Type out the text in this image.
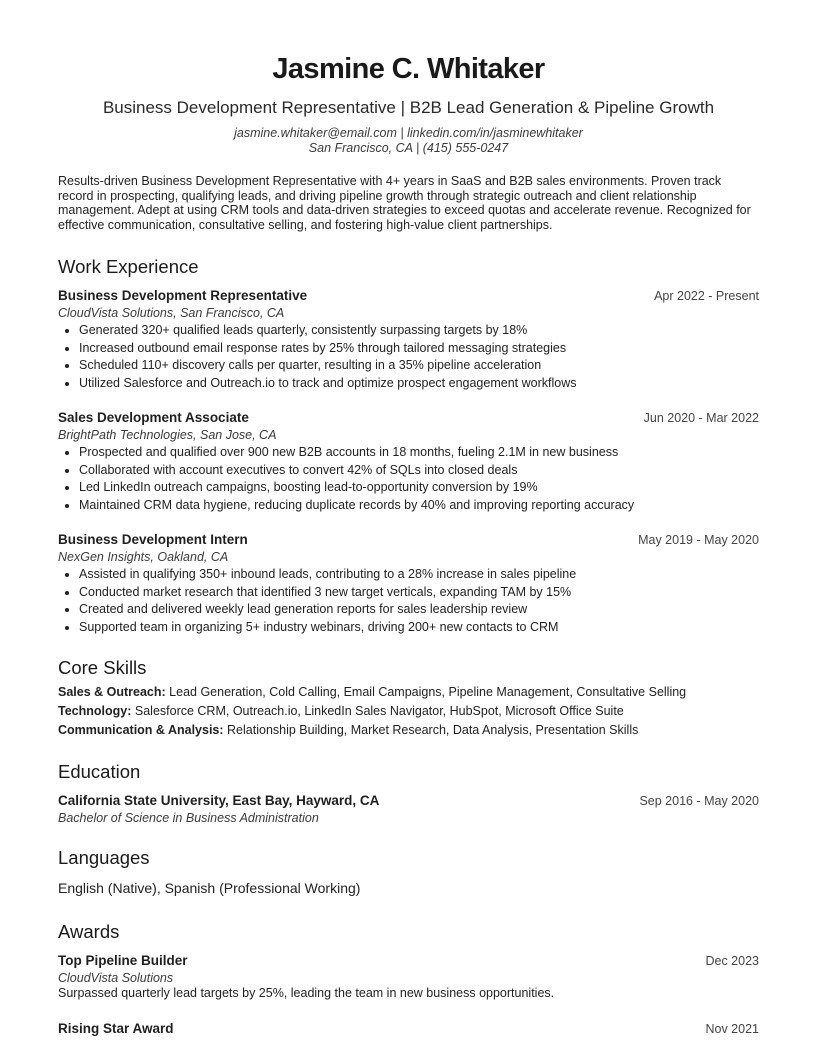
Jasmine C. Whitaker
Business Development Representative | B2B Lead Generation & Pipeline Growth
jasmine.whitaker@email.com | linkedin.com/in/jasminewhitaker
San Francisco, CA | (415) 555-0247
Results-driven Business Development Representative with 4+ years in SaaS and B2B sales environments. Proven track record in prospecting, qualifying leads, and driving pipeline growth through strategic outreach and client relationship management. Adept at using CRM tools and data-driven strategies to exceed quotas and accelerate revenue. Recognized for effective communication, consultative selling, and fostering high-value client partnerships.
Work Experience
Business Development Representative	Apr 2022 - Present
CloudVista Solutions, San Francisco, CA
• Generated 320+ qualified leads quarterly, consistently surpassing targets by 18%
• Increased outbound email response rates by 25% through tailored messaging strategies
• Scheduled 110+ discovery calls per quarter, resulting in a 35% pipeline acceleration
• Utilized Salesforce and Outreach.io to track and optimize prospect engagement workflows
Sales Development Associate	Jun 2020 - Mar 2022
BrightPath Technologies, San Jose, CA
• Prospected and qualified over 900 new B2B accounts in 18 months, fueling 2.1M in new business
• Collaborated with account executives to convert 42% of SQLs into closed deals
• Led LinkedIn outreach campaigns, boosting lead-to-opportunity conversion by 19%
• Maintained CRM data hygiene, reducing duplicate records by 40% and improving reporting accuracy
Business Development Intern	May 2019 - May 2020
NexGen Insights, Oakland, CA
• Assisted in qualifying 350+ inbound leads, contributing to a 28% increase in sales pipeline
• Conducted market research that identified 3 new target verticals, expanding TAM by 15%
• Created and delivered weekly lead generation reports for sales leadership review
• Supported team in organizing 5+ industry webinars, driving 200+ new contacts to CRM
Core Skills
Sales & Outreach: Lead Generation, Cold Calling, Email Campaigns, Pipeline Management, Consultative Selling
Technology: Salesforce CRM, Outreach.io, LinkedIn Sales Navigator, HubSpot, Microsoft Office Suite
Communication & Analysis: Relationship Building, Market Research, Data Analysis, Presentation Skills
Education
California State University, East Bay, Hayward, CA	Sep 2016 - May 2020
Bachelor of Science in Business Administration
Languages
English (Native), Spanish (Professional Working)
Awards
Top Pipeline Builder	Dec 2023
CloudVista Solutions
Surpassed quarterly lead targets by 25%, leading the team in new business opportunities.
Rising Star Award	Nov 2021
